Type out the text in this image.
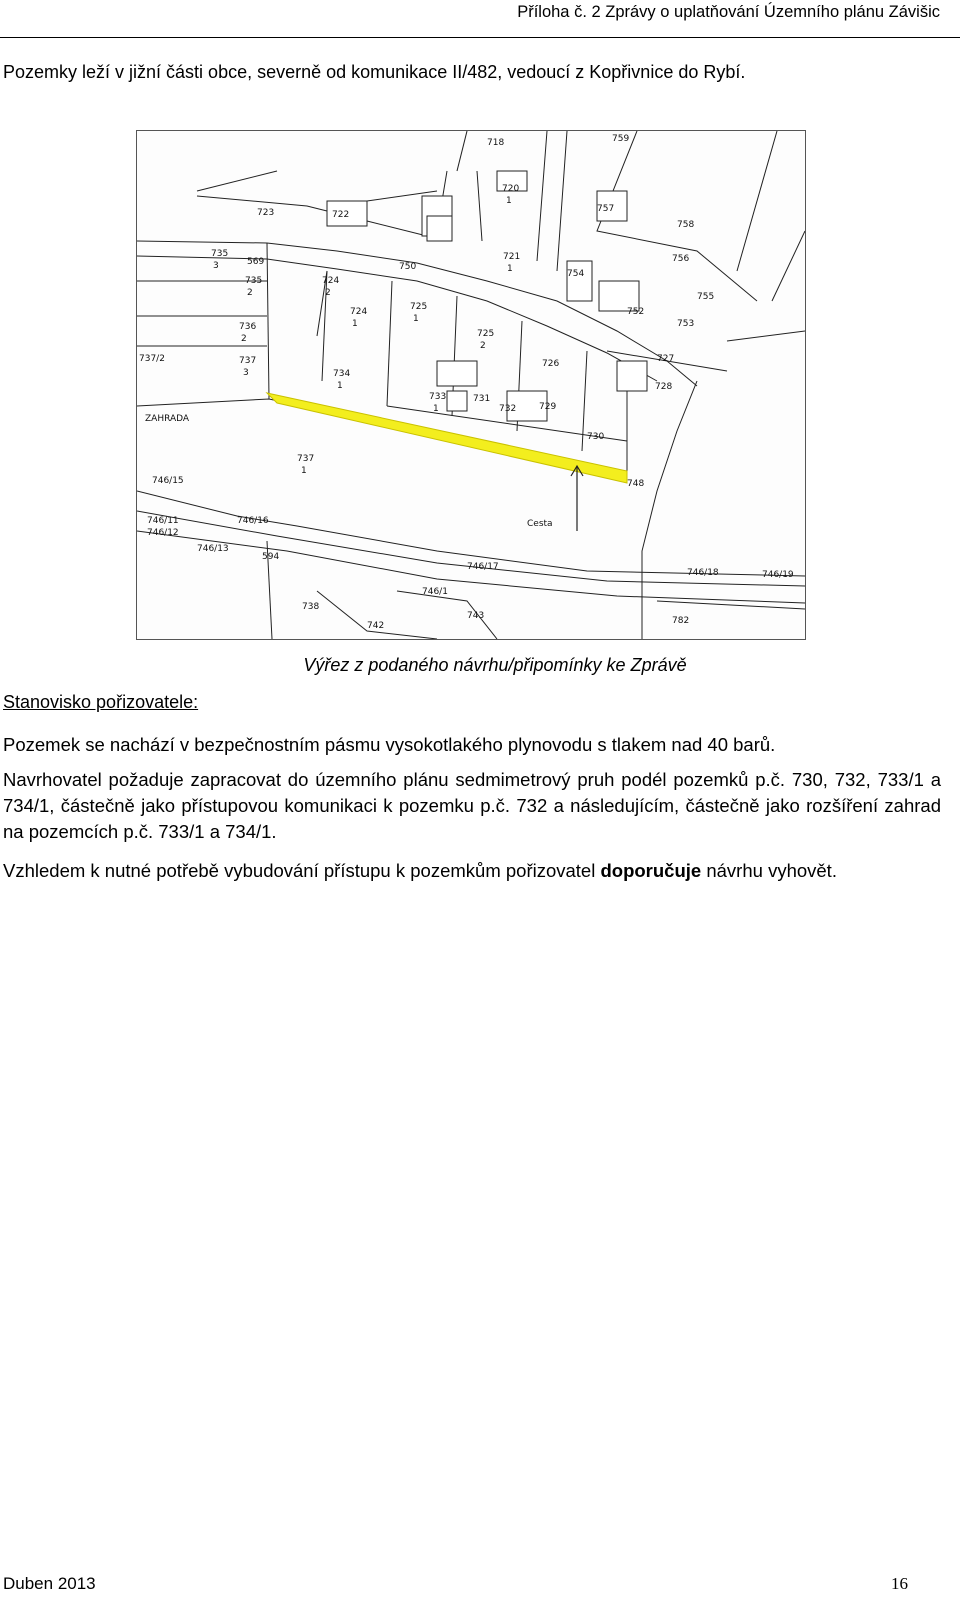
Příloha č. 2 Zprávy o uplatňování Územního plánu Závišic
Pozemky leží v jižní části obce, severně od komunikace II/482, vedoucí z Kopřivnice do Rybí.
ZAHRADA
Cesta
723
569
735
3
735
2
736
2
737/2	737
3
724
2
724
1
725
1
725
2
750
721
1
722
726
733
1
734
1
731
732	729
730
737
1
718
720
1
759
757
758
756
754
752
755
753
727
728
742
748
743	782
738
594
746/1
746/17
746/18	746/19
746/15
746/11
746/12
746/13
746/16
Výřez z podaného návrhu/připomínky ke Zprávě
Stanovisko pořizovatele:
Pozemek se nachází v bezpečnostním pásmu vysokotlakého plynovodu s tlakem nad 40 barů.
Navrhovatel požaduje zapracovat do územního plánu sedmimetrový pruh podél pozemků p.č. 730, 732, 733/1 a 734/1, částečně jako přístupovou komunikaci k pozemku p.č. 732 a následujícím, částečně jako rozšíření zahrad na pozemcích p.č. 733/1 a 734/1.
Vzhledem k nutné potřebě vybudování přístupu k pozemkům pořizovatel doporučuje návrhu vyhovět.
Duben 2013	16
